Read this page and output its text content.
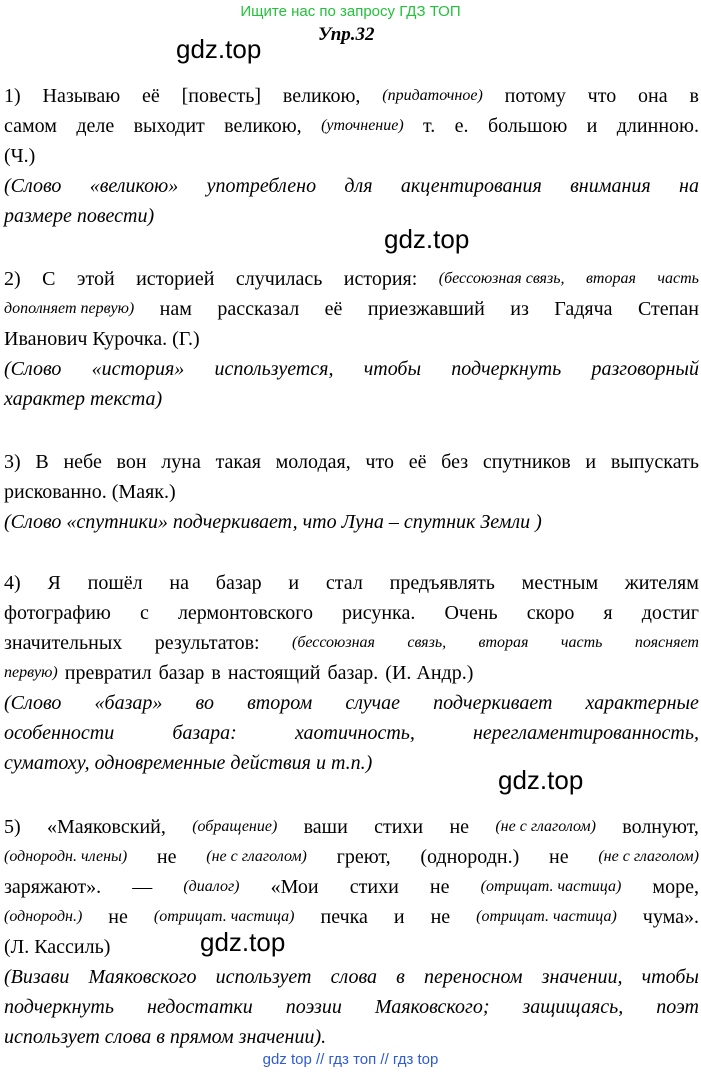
Ищите нас по запросу ГДЗ ТОП
Упр.32
gdz.top
gdz.top
gdz.top
gdz.top
1) Называю её [повесть] великою, (придаточное) потому что она в
самом деле выходит великою, (уточнение) т. е. большою и длинною.
(Ч.)
(Слово «великою» употреблено для акцентирования внимания на
размере повести)
2) С этой историей случилась история: (бессоюзная связь, вторая часть
дополняет первую) нам рассказал её приезжавший из Гадяча Степан
Иванович Курочка. (Г.)
(Слово «история» используется, чтобы подчеркнуть разговорный
характер текста)
3) В небе вон луна такая молодая, что её без спутников и выпускать
рискованно. (Маяк.)
(Слово «спутники» подчеркивает, что Луна – спутник Земли )
4) Я пошёл на базар и стал предъявлять местным жителям
фотографию с лермонтовского рисунка. Очень скоро я достиг
значительных результатов: (бессоюзная связь, вторая часть поясняет
первую) превратил базар в настоящий базар. (И. Андр.)
(Слово «базар» во втором случае подчеркивает характерные
особенности	базара:	хаотичность,	нерегламентированность,
суматоху, одновременные действия и т.п.)
5) «Маяковский, (обращение) ваши стихи не (не с глаголом) волнуют,
(однородн. члены) не (не с глаголом) греют, (однородн.) не (не с глаголом)
заряжают». — (диалог) «Мои стихи не (отрицат. частица) море,
(однородн.) не (отрицат. частица) печка и не (отрицат. частица) чума».
(Л. Кассиль)
(Визави Маяковского использует слова в переносном значении, чтобы
подчеркнуть недостатки поэзии Маяковского; защищаясь, поэт
использует слова в прямом значении).
gdz top // гдз топ // гдз top
